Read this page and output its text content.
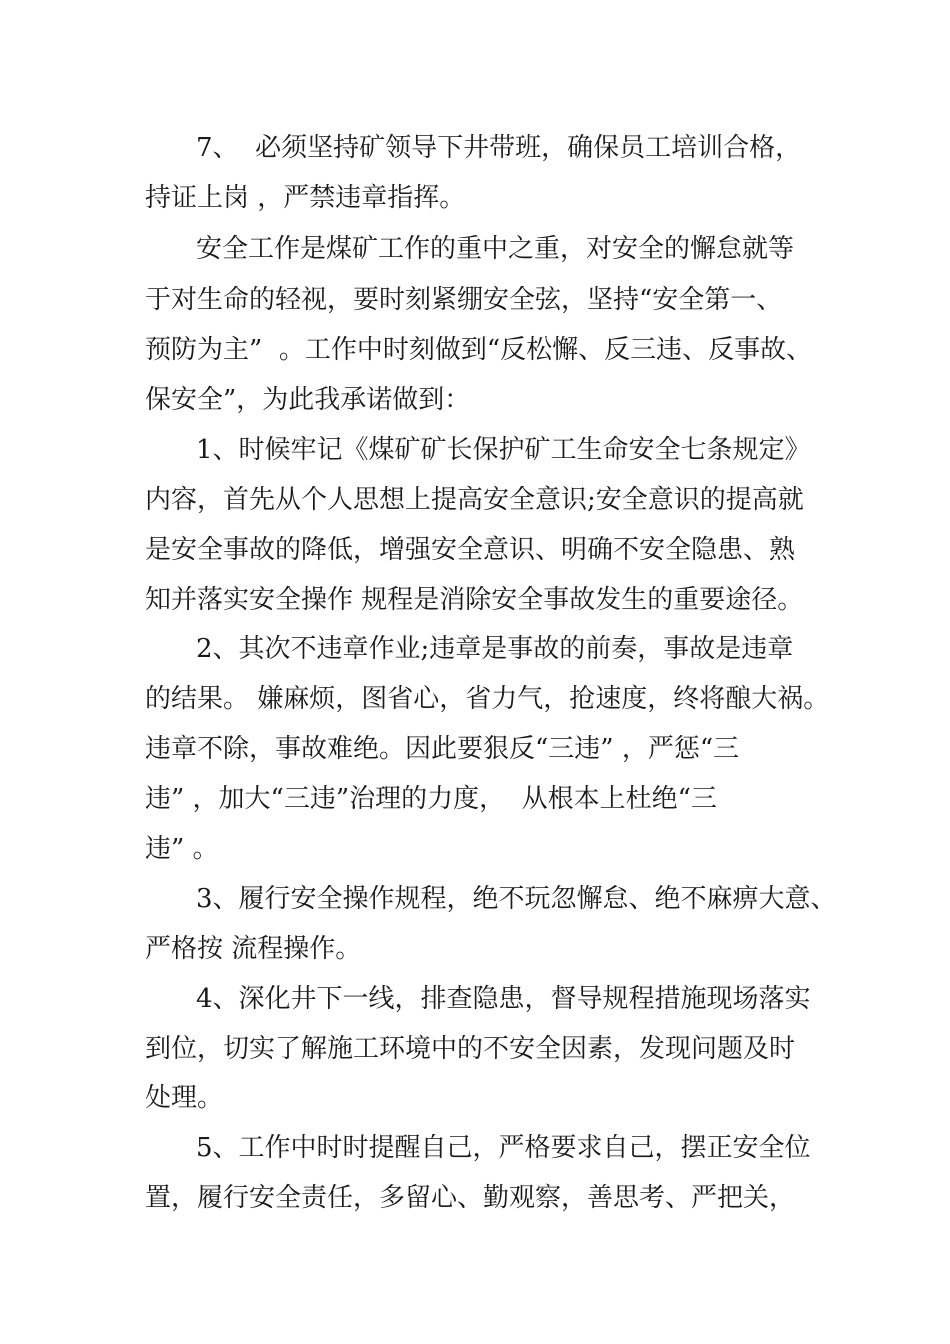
7、  必须坚持矿领导下井带班，确保员工培训合格，
持证上岗 ，严禁违章指挥。
安全工作是煤矿工作的重中之重，对安全的懈怠就等
于对生命的轻视，要时刻紧绷安全弦，坚持“安全第一、
预防为主”  。工作中时刻做到“反松懈、反三违、反事故、
保安全”，为此我承诺做到：
1、时候牢记《煤矿矿长保护矿工生命安全七条规定》
内容，首先从个人思想上提高安全意识;安全意识的提高就
是安全事故的降低，增强安全意识、明确不安全隐患、熟
知并落实安全操作 规程是消除安全事故发生的重要途径。
2、其次不违章作业;违章是事故的前奏，事故是违章
的结果。 嫌麻烦，图省心，省力气，抢速度，终将酿大祸。
违章不除，事故难绝。因此要狠反“三违” ，严惩“三
违” ，加大“三违”治理的力度，  从根本上杜绝“三
违” 。
3、履行安全操作规程，绝不玩忽懈怠、绝不麻痹大意、
严格按 流程操作。
4、深化井下一线，排查隐患，督导规程措施现场落实
到位，切实了解施工环境中的不安全因素，发现问题及时
处理。
5、工作中时时提醒自己，严格要求自己，摆正安全位
置，履行安全责任，多留心、勤观察，善思考、严把关，
